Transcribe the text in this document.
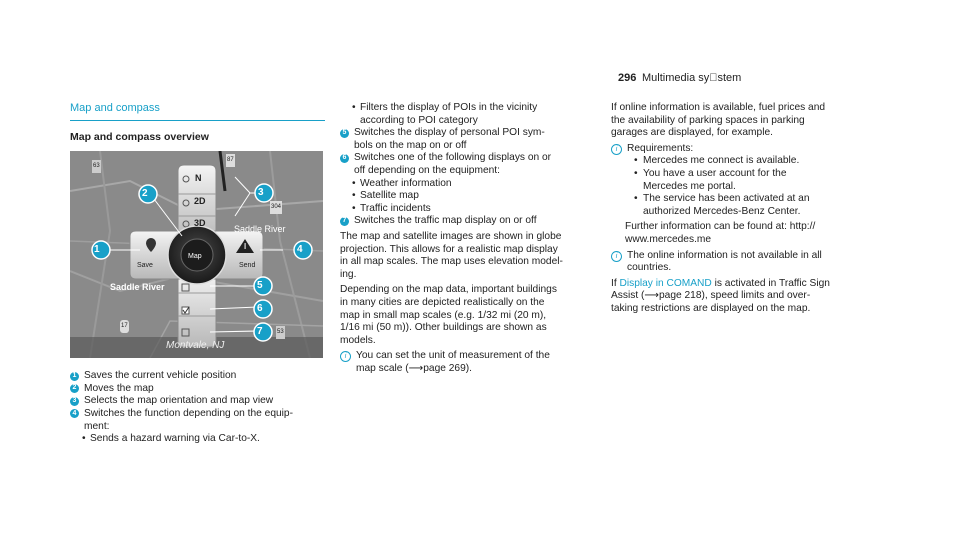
296 Multimedia sy stem
Map and compass
Map and compass overview
1
2	3
4
5
6
7
N
2D
3D
Save	Send
Map
Saddle River
Saddle River
Montvale, NJ
304
87
17
63
53
1 Saves the current vehicle position
2 Moves the map
3 Selects the map orientation and map view
4 Switches the function depending on the equip-
ment:
• Sends a hazard warning via Car-to-X.
• Filters the display of POIs in the vicinity
according to POI category
5 Switches the display of personal POI sym-
bols on the map on or off
6 Switches one of the following displays on or
off depending on the equipment:
• Weather information
• Satellite map
• Traffic incidents
7 Switches the traffic map display on or off
The map and satellite images are shown in globe
projection. This allows for a realistic map display
in all map scales. The map uses elevation model-
ing.
Depending on the map data, important buildings
in many cities are depicted realistically on the
map in small map scales (e.g. 1/32 mi (20 m),
1/16 mi (50 m)). Other buildings are shown as
models.
i You can set the unit of measurement of the
map scale (⟶page 269).
If online information is available, fuel prices and
the availability of parking spaces in parking
garages are displayed, for example.
i Requirements:
• Mercedes me connect is available.
• You have a user account for the
Mercedes me portal.
• The service has been activated at an
authorized Mercedes-Benz Center.
Further information can be found at: http://
www.mercedes.me
i The online information is not available in all
countries.
If Display in COMAND is activated in Traffic Sign
Assist (⟶page 218), speed limits and over-
taking restrictions are displayed on the map.
